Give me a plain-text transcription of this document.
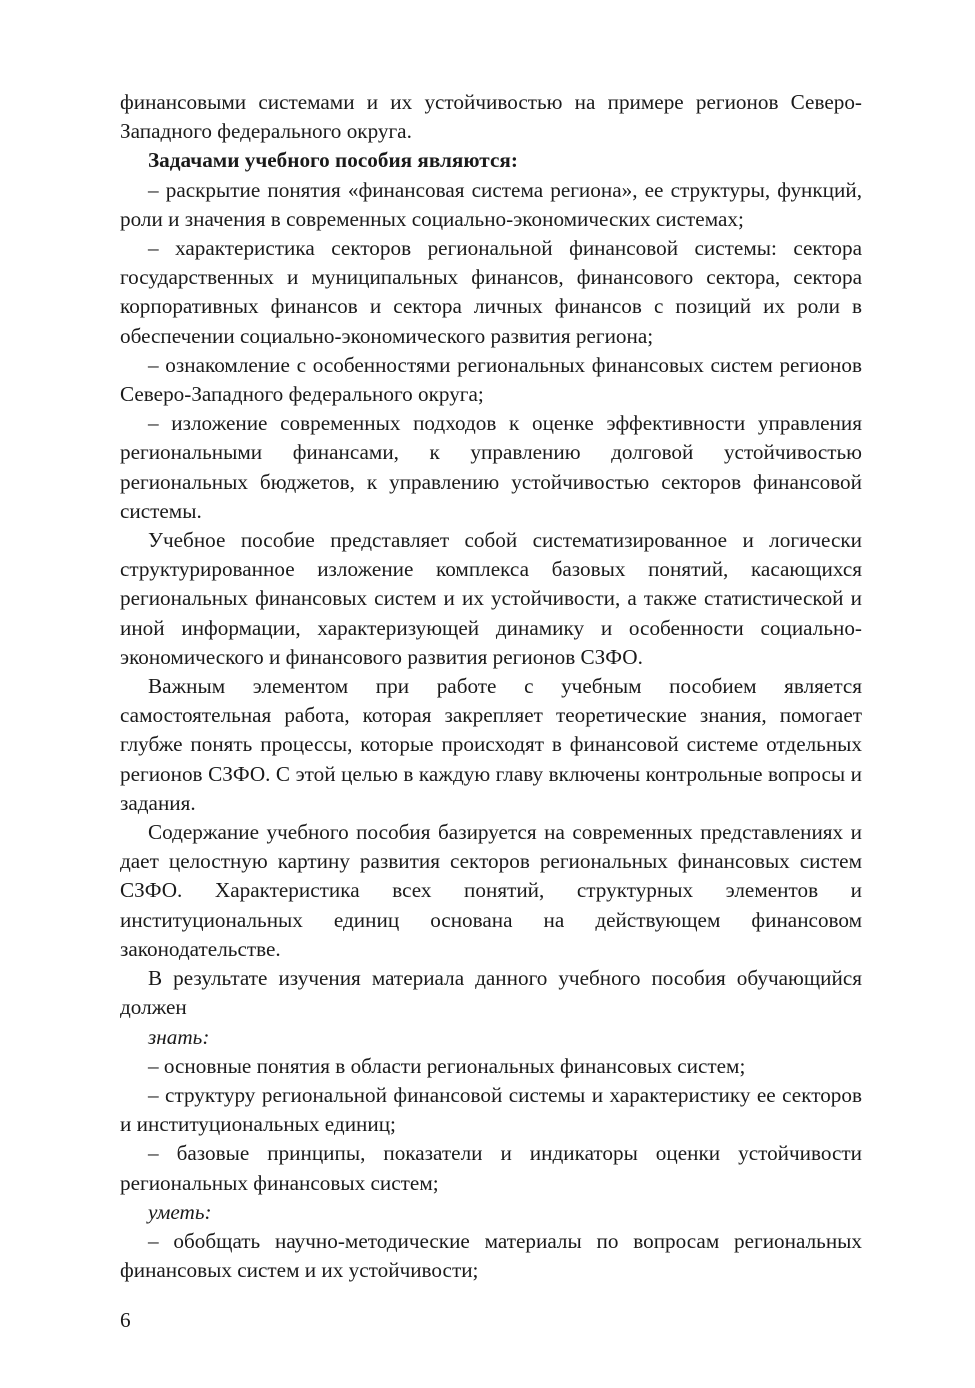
финансовыми системами и их устойчивостью на примере регионов Северо-Западного федерального округа.

Задачами учебного пособия являются:

– раскрытие понятия «финансовая система региона», ее структуры, функций, роли и значения в современных социально-экономических системах;

– характеристика секторов региональной финансовой системы: сектора государственных и муниципальных финансов, финансового сектора, сектора корпоративных финансов и сектора личных финансов с позиций их роли в обеспечении социально-экономического развития региона;

– ознакомление с особенностями региональных финансовых систем регионов Северо-Западного федерального округа;

– изложение современных подходов к оценке эффективности управления региональными финансами, к управлению долговой устойчивостью региональных бюджетов, к управлению устойчивостью секторов финансовой системы.

Учебное пособие представляет собой систематизированное и логически структурированное изложение комплекса базовых понятий, касающихся региональных финансовых систем и их устойчивости, а также статистической и иной информации, характеризующей динамику и особенности социально-экономического и финансового развития регионов СЗФО.

Важным элементом при работе с учебным пособием является самостоятельная работа, которая закрепляет теоретические знания, помогает глубже понять процессы, которые происходят в финансовой системе отдельных регионов СЗФО. С этой целью в каждую главу включены контрольные вопросы и задания.

Содержание учебного пособия базируется на современных представлениях и дает целостную картину развития секторов региональных финансовых систем СЗФО. Характеристика всех понятий, структурных элементов и институциональных единиц основана на действующем финансовом законодательстве.

В результате изучения материала данного учебного пособия обучающийся должен

знать:

– основные понятия в области региональных финансовых систем;

– структуру региональной финансовой системы и характеристику ее секторов и институциональных единиц;

– базовые принципы, показатели и индикаторы оценки устойчивости региональных финансовых систем;

уметь:

– обобщать научно-методические материалы по вопросам региональных финансовых систем и их устойчивости;

6
